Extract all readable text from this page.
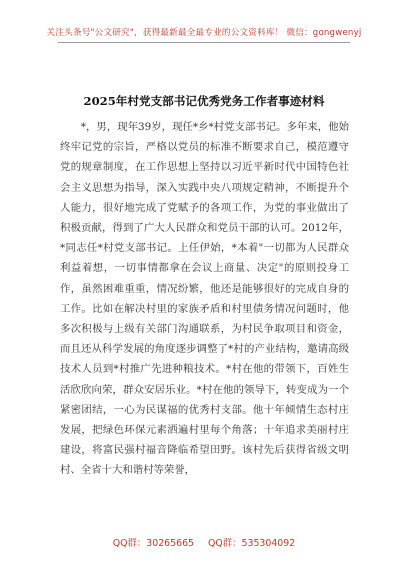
关注头条号"公文研究"，获得最新最全最专业的公文资料库！ 微信：gongwenyj
2025年村党支部书记优秀党务工作者事迹材料

*，男，现年39岁，现任*乡*村党支部书记。多年来，他始终牢记党的宗旨，严格以党员的标准不断要求自己，模范遵守党的规章制度，在工作思想上坚持以习近平新时代中国特色社会主义思想为指导，深入实践中央八项规定精神，不断提升个人能力，很好地完成了党赋予的各项工作，为党的事业做出了积极贡献，得到了广大人民群众和党员干部的认可。2012年，*同志任*村党支部书记。上任伊始，*本着"一切都为人民群众利益着想，一切事情都拿在会议上商量、决定"的原则投身工作，虽然困难重重，情况纷繁，他还是能够很好的完成自身的工作。比如在解决村里的家族矛盾和村里债务情况问题时，他多次积极与上级有关部门沟通联系，为村民争取项目和资金，而且还从科学发展的角度逐步调整了*村的产业结构，邀请高级技术人员到*村推广先进种粮技术。*村在他的带领下，百姓生活欣欣向荣，群众安居乐业。*村在他的领导下，转变成为一个紧密团结，一心为民谋福的优秀村支部。他十年倾情生态村庄发展，把绿色环保元素洒遍村里每个角落；十年追求美丽村庄建设，将富民强村福音降临希望田野。该村先后获得省级文明村、全省十大和谐村等荣誉，

QQ群：30265665 QQ群：535304092
